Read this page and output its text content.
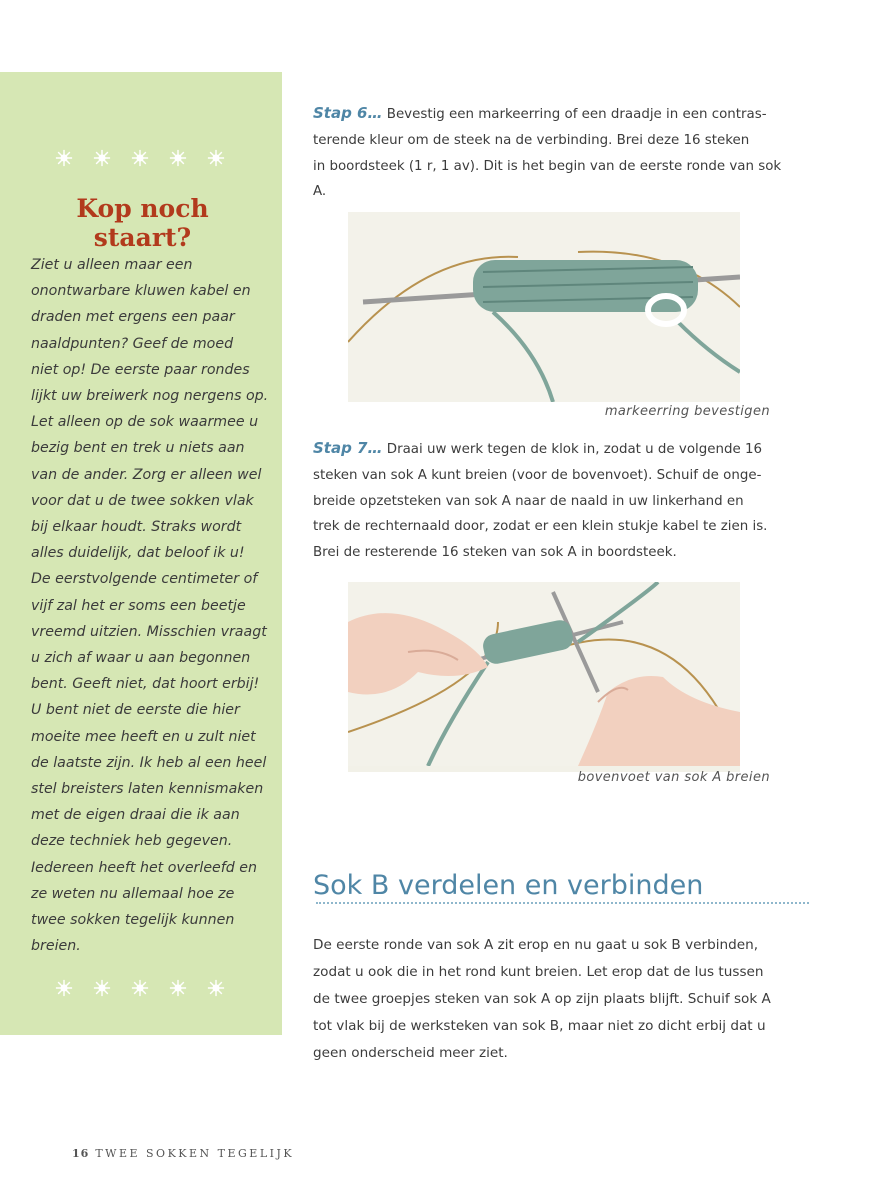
Kop noch
staart?
Ziet u alleen maar een
onontwarbare kluwen kabel en
draden met ergens een paar
naaldpunten? Geef de moed
niet op! De eerste paar rondes
lijkt uw breiwerk nog nergens op.
Let alleen op de sok waarmee u
bezig bent en trek u niets aan
van de ander. Zorg er alleen wel
voor dat u de twee sokken vlak
bij elkaar houdt. Straks wordt
alles duidelijk, dat beloof ik u!
De eerstvolgende centimeter of
vijf zal het er soms een beetje
vreemd uitzien. Misschien vraagt
u zich af waar u aan begonnen
bent. Geeft niet, dat hoort erbij!
U bent niet de eerste die hier
moeite mee heeft en u zult niet
de laatste zijn. Ik heb al een heel
stel breisters laten kennismaken
met de eigen draai die ik aan
deze techniek heb gegeven.
Iedereen heeft het overleefd en
ze weten nu allemaal hoe ze
twee sokken tegelijk kunnen
breien.
Stap 6… Bevestig een markeerring of een draadje in een contras-
terende kleur om de steek na de verbinding. Brei deze 16 steken
in boordsteek (1 r, 1 av). Dit is het begin van de eerste ronde van sok
A.
markeerring bevestigen
Stap 7… Draai uw werk tegen de klok in, zodat u de volgende 16
steken van sok A kunt breien (voor de bovenvoet). Schuif de onge-
breide opzetsteken van sok A naar de naald in uw linkerhand en
trek de rechternaald door, zodat er een klein stukje kabel te zien is.
Brei de resterende 16 steken van sok A in boordsteek.
bovenvoet van sok A breien
Sok B verdelen en verbinden
De eerste ronde van sok A zit erop en nu gaat u sok B verbinden,
zodat u ook die in het rond kunt breien. Let erop dat de lus tussen
de twee groepjes steken van sok A op zijn plaats blijft. Schuif sok A
tot vlak bij de werksteken van sok B, maar niet zo dicht erbij dat u
geen onderscheid meer ziet.
16 TWEE SOKKEN TEGELIJK
